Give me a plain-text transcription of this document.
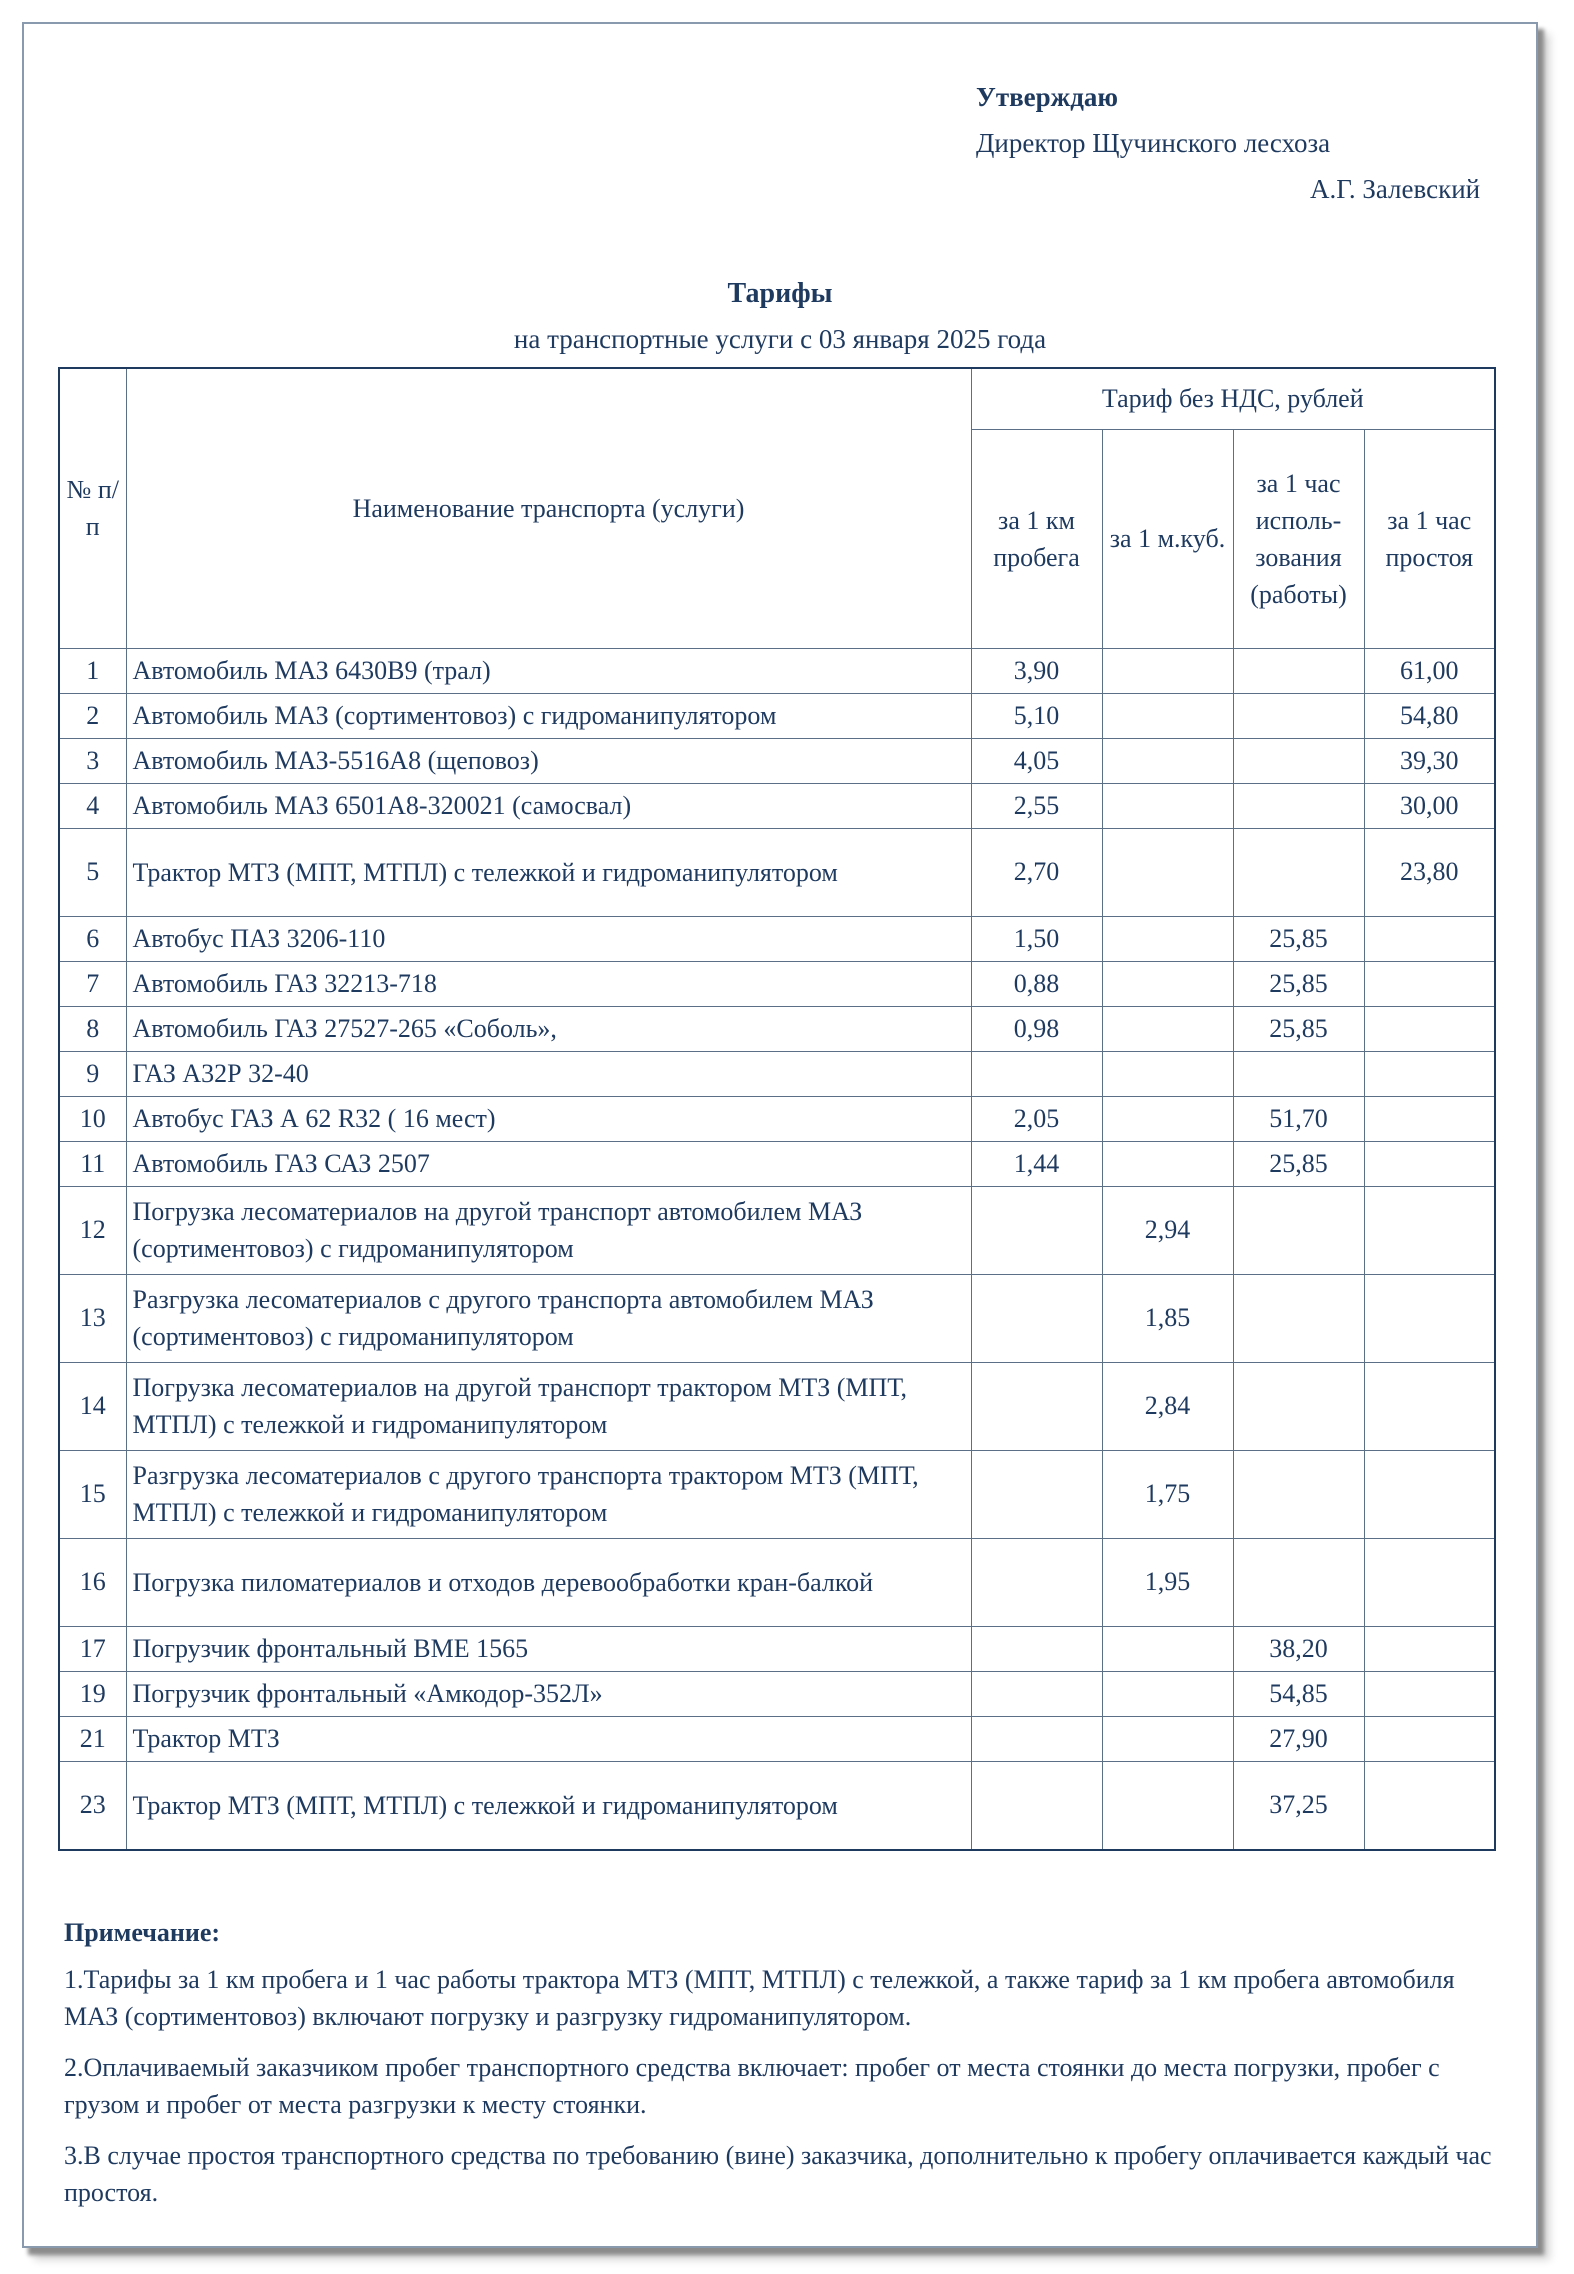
Утверждаю
Директор Щучинского лесхоза
А.Г. Залевский
Тарифы
на транспортные услуги с 03 января 2025 года
№ п/п	Наименование транспорта (услуги)	Тариф без НДС, рублей			
		за 1 км пробега	за 1 м.куб.	за 1 час исполь-зования (работы)	за 1 час простоя
1	Автомобиль МАЗ 6430В9 (трал)	3,90			61,00
2	Автомобиль МАЗ (сортиментовоз) с гидроманипулятором	5,10			54,80
3	Автомобиль МАЗ-5516А8 (щеповоз)	4,05			39,30
4	Автомобиль МАЗ 6501А8-320021 (самосвал)	2,55			30,00
5	Трактор МТЗ (МПТ, МТПЛ) с тележкой и гидроманипулятором	2,70			23,80
6	Автобус ПАЗ 3206-110	1,50		25,85	
7	Автомобиль ГАЗ 32213-718	0,88		25,85	
8	Автомобиль ГАЗ 27527-265 «Соболь»,	0,98		25,85	
9	ГАЗ А32Р 32-40				
10	Автобус ГАЗ А 62 R32 ( 16 мест)	2,05		51,70	
11	Автомобиль ГАЗ САЗ 2507	1,44		25,85	
12	Погрузка лесоматериалов на другой транспорт автомобилем МАЗ (сортиментовоз) с гидроманипулятором		2,94		
13	Разгрузка лесоматериалов с другого транспорта автомобилем МАЗ (сортиментовоз) с гидроманипулятором		1,85		
14	Погрузка лесоматериалов на другой транспорт трактором МТЗ (МПТ, МТПЛ) с тележкой и гидроманипулятором		2,84		
15	Разгрузка лесоматериалов с другого транспорта трактором МТЗ (МПТ, МТПЛ) с тележкой и гидроманипулятором		1,75		
16	Погрузка пиломатериалов и отходов деревообработки кран-балкой		1,95		
17	Погрузчик фронтальный ВМЕ 1565			38,20	
19	Погрузчик фронтальный «Амкодор-352Л»			54,85	
21	Трактор МТЗ			27,90	
23	Трактор МТЗ (МПТ, МТПЛ) с тележкой и гидроманипулятором			37,25	
Примечание:
1.Тарифы за 1 км пробега и 1 час работы трактора МТЗ (МПТ, МТПЛ) с тележкой, а также тариф за 1 км пробега автомобиля МАЗ (сортиментовоз) включают погрузку и разгрузку гидроманипулятором.
2.Оплачиваемый заказчиком пробег транспортного средства включает: пробег от места стоянки до места погрузки, пробег с грузом и пробег от места разгрузки к месту стоянки.
3.В случае простоя транспортного средства по требованию (вине) заказчика, дополнительно к пробегу оплачивается каждый час простоя.
